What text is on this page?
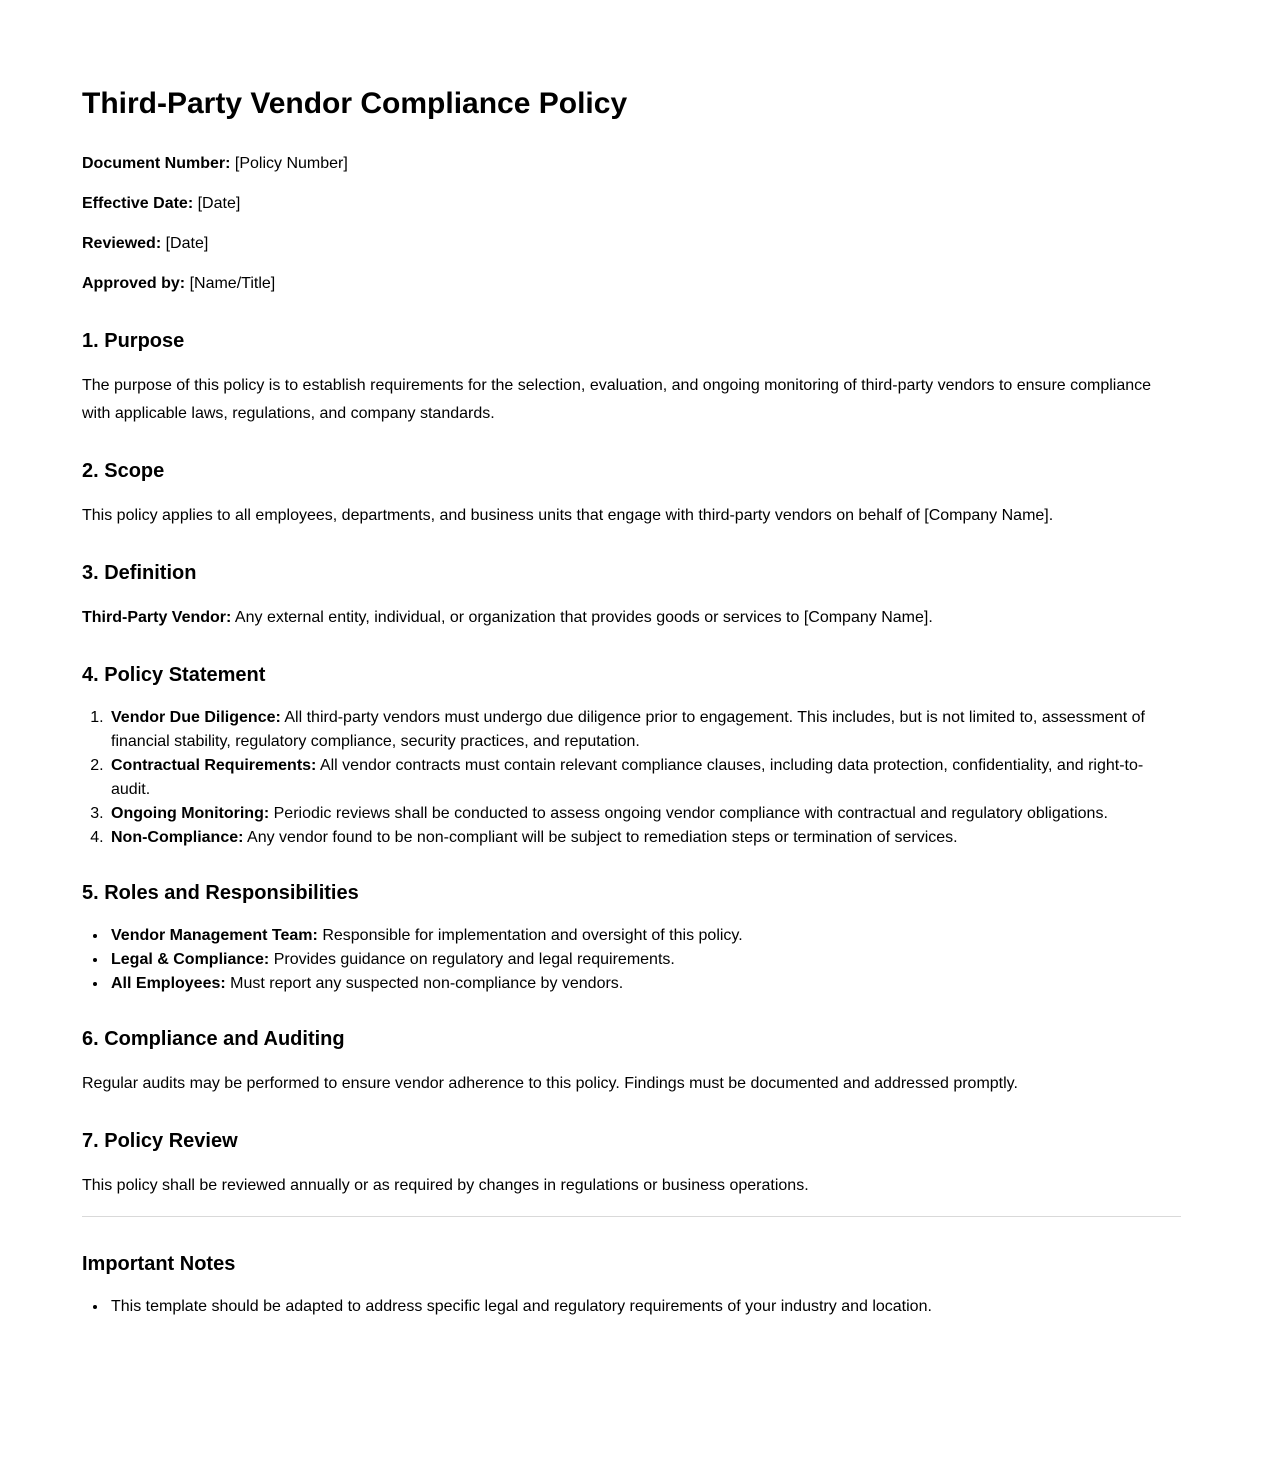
Third-Party Vendor Compliance Policy

Document Number: [Policy Number]

Effective Date: [Date]

Reviewed: [Date]

Approved by: [Name/Title]

1. Purpose

The purpose of this policy is to establish requirements for the selection, evaluation, and ongoing monitoring of third-party vendors to ensure compliance with applicable laws, regulations, and company standards.

2. Scope

This policy applies to all employees, departments, and business units that engage with third-party vendors on behalf of [Company Name].

3. Definition

Third-Party Vendor: Any external entity, individual, or organization that provides goods or services to [Company Name].

4. Policy Statement
1. Vendor Due Diligence: All third-party vendors must undergo due diligence prior to engagement. This includes, but is not limited to, assessment of financial stability, regulatory compliance, security practices, and reputation.
2. Contractual Requirements: All vendor contracts must contain relevant compliance clauses, including data protection, confidentiality, and right-to-audit.
3. Ongoing Monitoring: Periodic reviews shall be conducted to assess ongoing vendor compliance with contractual and regulatory obligations.
4. Non-Compliance: Any vendor found to be non-compliant will be subject to remediation steps or termination of services.
5. Roles and Responsibilities
• Vendor Management Team: Responsible for implementation and oversight of this policy.
• Legal & Compliance: Provides guidance on regulatory and legal requirements.
• All Employees: Must report any suspected non-compliance by vendors.
6. Compliance and Auditing

Regular audits may be performed to ensure vendor adherence to this policy. Findings must be documented and addressed promptly.

7. Policy Review

This policy shall be reviewed annually or as required by changes in regulations or business operations.

Important Notes
• This template should be adapted to address specific legal and regulatory requirements of your industry and location.
